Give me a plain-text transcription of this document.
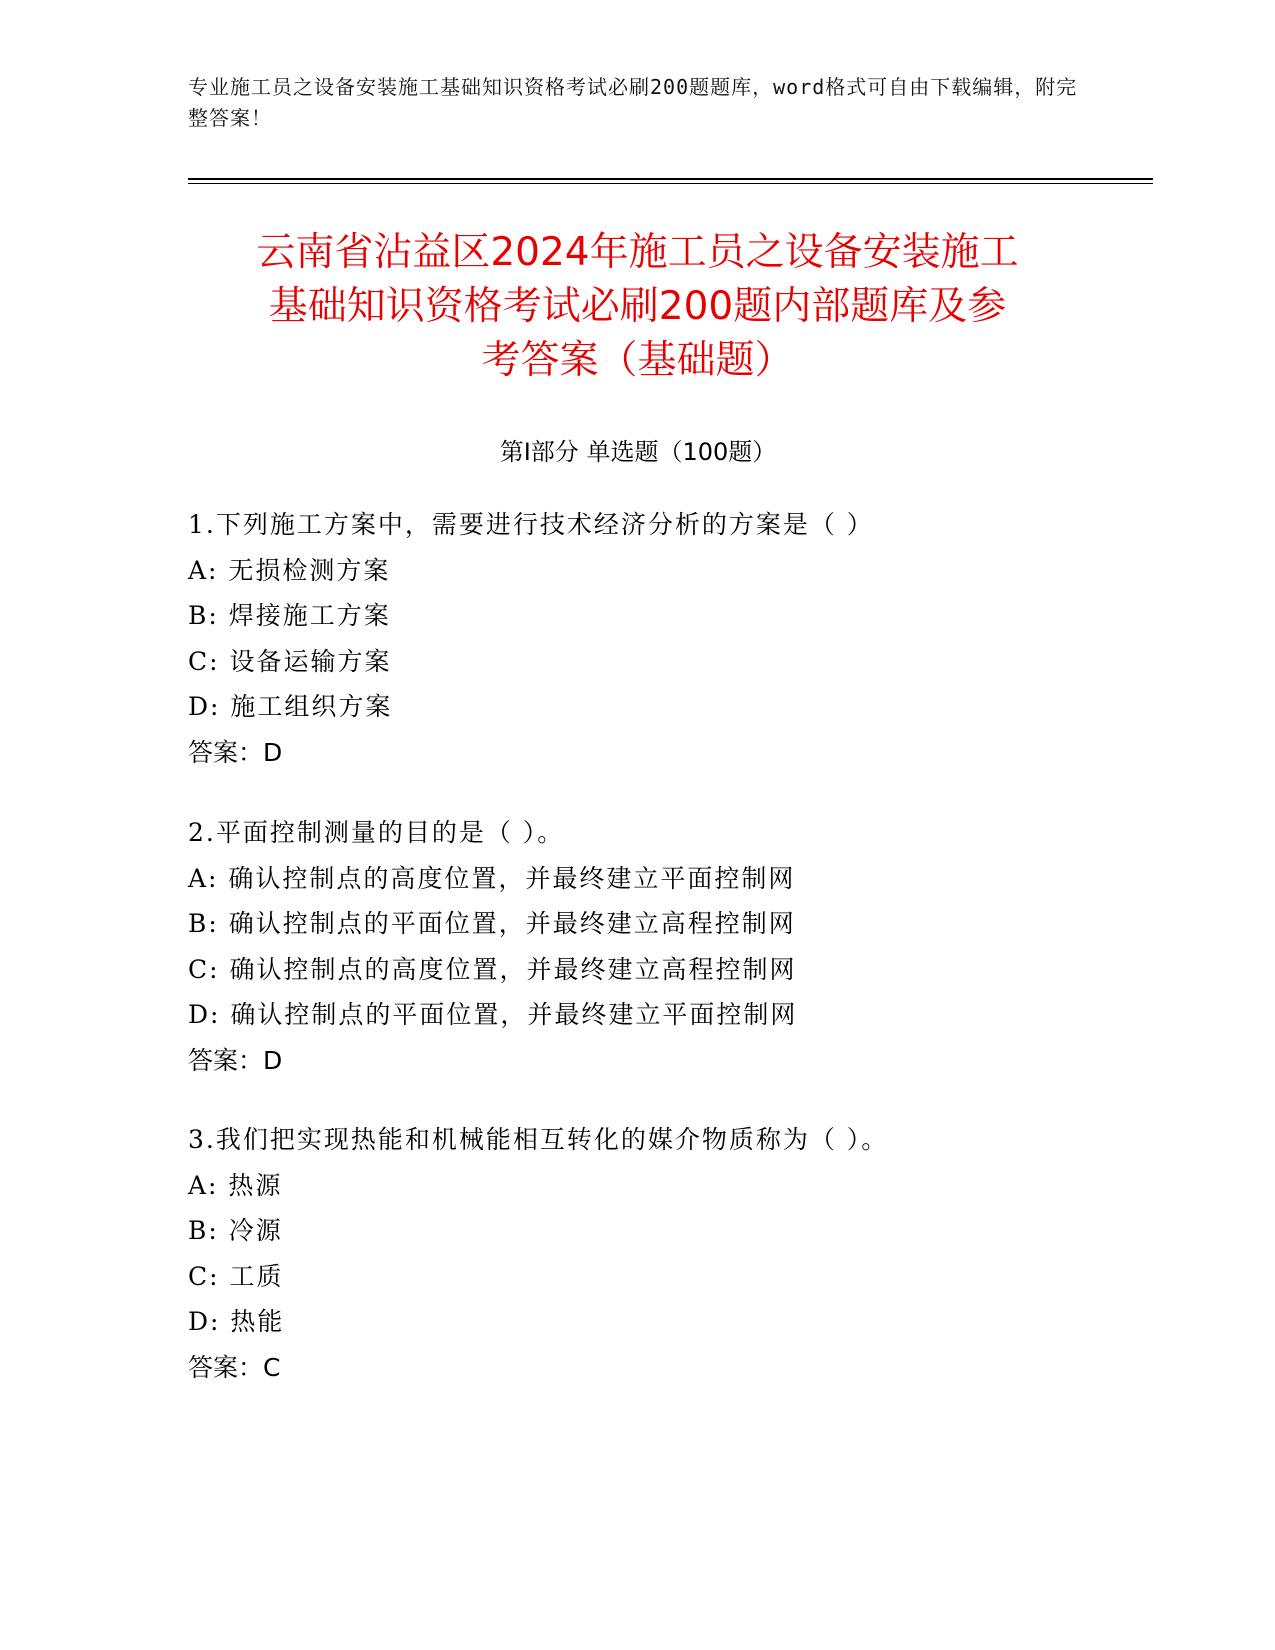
专业施工员之设备安装施工基础知识资格考试必刷200题题库，word格式可自由下载编辑，附完整答案！
云南省沾益区2024年施工员之设备安装施工
基础知识资格考试必刷200题内部题库及参
考答案（基础题）
第Ⅰ部分 单选题（100题）
1.下列施工方案中，需要进行技术经济分析的方案是（ ）
A: 无损检测方案
B: 焊接施工方案
C: 设备运输方案
D: 施工组织方案
答案：D
2.平面控制测量的目的是（ ）。
A: 确认控制点的高度位置，并最终建立平面控制网
B: 确认控制点的平面位置，并最终建立高程控制网
C: 确认控制点的高度位置，并最终建立高程控制网
D: 确认控制点的平面位置，并最终建立平面控制网
答案：D
3.我们把实现热能和机械能相互转化的媒介物质称为（ ）。
A: 热源
B: 冷源
C: 工质
D: 热能
答案：C
